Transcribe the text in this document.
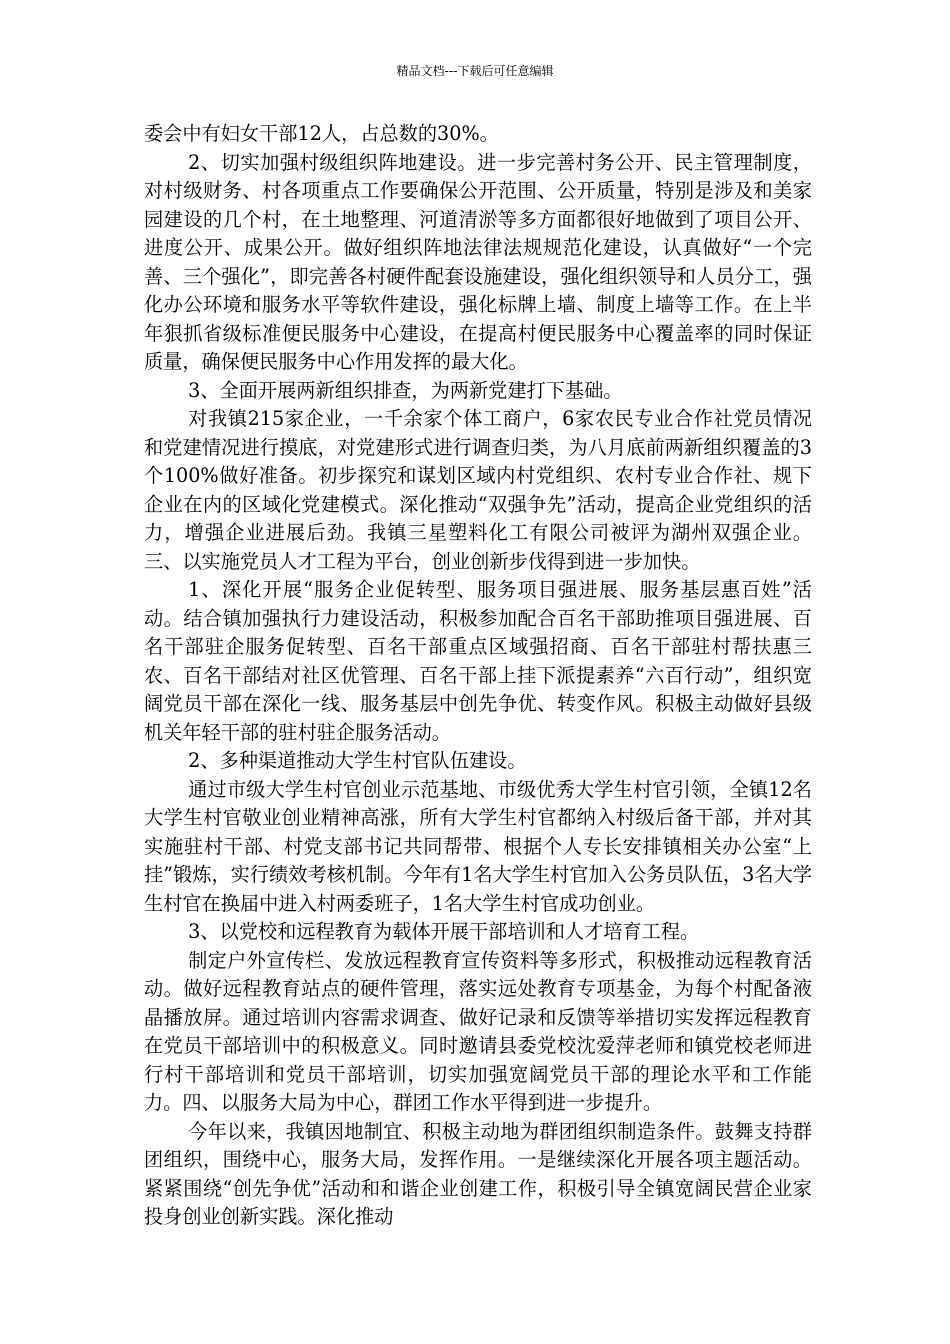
精品文档---下载后可任意编辑

委会中有妇女干部12人，占总数的30%。

2、切实加强村级组织阵地建设。进一步完善村务公开、民主管理制度，对村级财务、村各项重点工作要确保公开范围、公开质量，特别是涉及和美家园建设的几个村，在土地整理、河道清淤等多方面都很好地做到了项目公开、进度公开、成果公开。做好组织阵地法律法规规范化建设，认真做好“一个完善、三个强化”，即完善各村硬件配套设施建设，强化组织领导和人员分工，强化办公环境和服务水平等软件建设，强化标牌上墙、制度上墙等工作。在上半年狠抓省级标准便民服务中心建设，在提高村便民服务中心覆盖率的同时保证质量，确保便民服务中心作用发挥的最大化。

3、全面开展两新组织排查，为两新党建打下基础。

对我镇215家企业，一千余家个体工商户，6家农民专业合作社党员情况和党建情况进行摸底，对党建形式进行调查归类，为八月底前两新组织覆盖的3个100%做好准备。初步探究和谋划区域内村党组织、农村专业合作社、规下企业在内的区域化党建模式。深化推动“双强争先”活动，提高企业党组织的活力，增强企业进展后劲。我镇三星塑料化工有限公司被评为湖州双强企业。三、以实施党员人才工程为平台，创业创新步伐得到进一步加快。

1、深化开展“服务企业促转型、服务项目强进展、服务基层惠百姓”活动。结合镇加强执行力建设活动，积极参加配合百名干部助推项目强进展、百名干部驻企服务促转型、百名干部重点区域强招商、百名干部驻村帮扶惠三农、百名干部结对社区优管理、百名干部上挂下派提素养“六百行动”，组织宽阔党员干部在深化一线、服务基层中创先争优、转变作风。积极主动做好县级机关年轻干部的驻村驻企服务活动。

2、多种渠道推动大学生村官队伍建设。

通过市级大学生村官创业示范基地、市级优秀大学生村官引领，全镇12名大学生村官敬业创业精神高涨，所有大学生村官都纳入村级后备干部，并对其实施驻村干部、村党支部书记共同帮带、根据个人专长安排镇相关办公室“上挂”锻炼，实行绩效考核机制。今年有1名大学生村官加入公务员队伍，3名大学生村官在换届中进入村两委班子，1名大学生村官成功创业。

3、以党校和远程教育为载体开展干部培训和人才培育工程。

制定户外宣传栏、发放远程教育宣传资料等多形式，积极推动远程教育活动。做好远程教育站点的硬件管理，落实远处教育专项基金，为每个村配备液晶播放屏。通过培训内容需求调查、做好记录和反馈等举措切实发挥远程教育在党员干部培训中的积极意义。同时邀请县委党校沈爱萍老师和镇党校老师进行村干部培训和党员干部培训，切实加强宽阔党员干部的理论水平和工作能力。四、以服务大局为中心，群团工作水平得到进一步提升。

今年以来，我镇因地制宜、积极主动地为群团组织制造条件。鼓舞支持群团组织，围绕中心，服务大局，发挥作用。一是继续深化开展各项主题活动。紧紧围绕“创先争优”活动和和谐企业创建工作，积极引导全镇宽阔民营企业家投身创业创新实践。深化推动
